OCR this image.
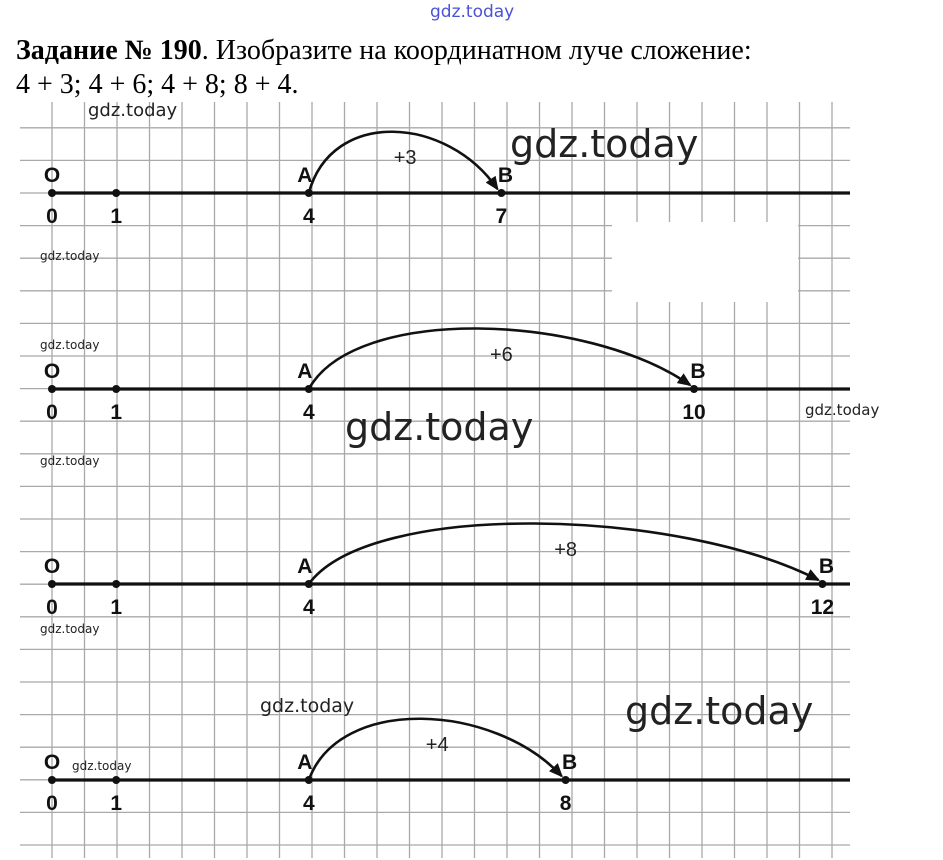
gdz.today
Задание № 190. Изобразите на координатном луче сложение:
4 + 3; 4 + 6; 4 + 8; 8 + 4.
O
0	1
A
4
B
7
+3
O
0	1
A
4
B
10
+6
O
0	1
A
4
B
12
+8
O
0	1
A
4
B
8
+4
gdz.today
gdz.today
gdz.today
gdz.today
gdz.today	gdz.today
gdz.today
gdz.today
gdz.today	gdz.today
gdz.today
